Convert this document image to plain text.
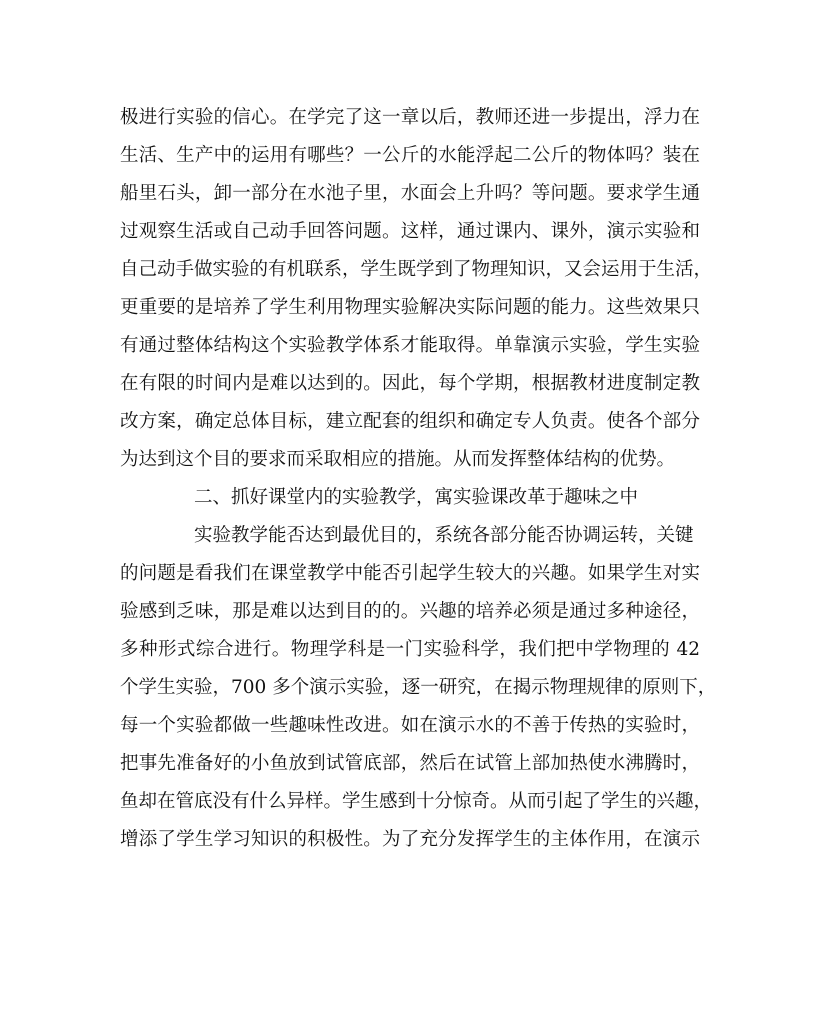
极进行实验的信心。在学完了这一章以后，教师还进一步提出，浮力在
生活、生产中的运用有哪些？一公斤的水能浮起二公斤的物体吗？装在
船里石头，卸一部分在水池子里，水面会上升吗？等问题。要求学生通
过观察生活或自己动手回答问题。这样，通过课内、课外，演示实验和
自己动手做实验的有机联系，学生既学到了物理知识，又会运用于生活，
更重要的是培养了学生利用物理实验解决实际问题的能力。这些效果只
有通过整体结构这个实验教学体系才能取得。单靠演示实验，学生实验
在有限的时间内是难以达到的。因此，每个学期，根据教材进度制定教
改方案，确定总体目标，建立配套的组织和确定专人负责。使各个部分
为达到这个目的要求而采取相应的措施。从而发挥整体结构的优势。
二、抓好课堂内的实验教学，寓实验课改革于趣味之中
实验教学能否达到最优目的，系统各部分能否协调运转，关键
的问题是看我们在课堂教学中能否引起学生较大的兴趣。如果学生对实
验感到乏味，那是难以达到目的的。兴趣的培养必须是通过多种途径，
多种形式综合进行。物理学科是一门实验科学，我们把中学物理的 42
个学生实验，700 多个演示实验，逐一研究，在揭示物理规律的原则下，
每一个实验都做一些趣味性改进。如在演示水的不善于传热的实验时，
把事先准备好的小鱼放到试管底部，然后在试管上部加热使水沸腾时，
鱼却在管底没有什么异样。学生感到十分惊奇。从而引起了学生的兴趣，
增添了学生学习知识的积极性。为了充分发挥学生的主体作用，在演示
